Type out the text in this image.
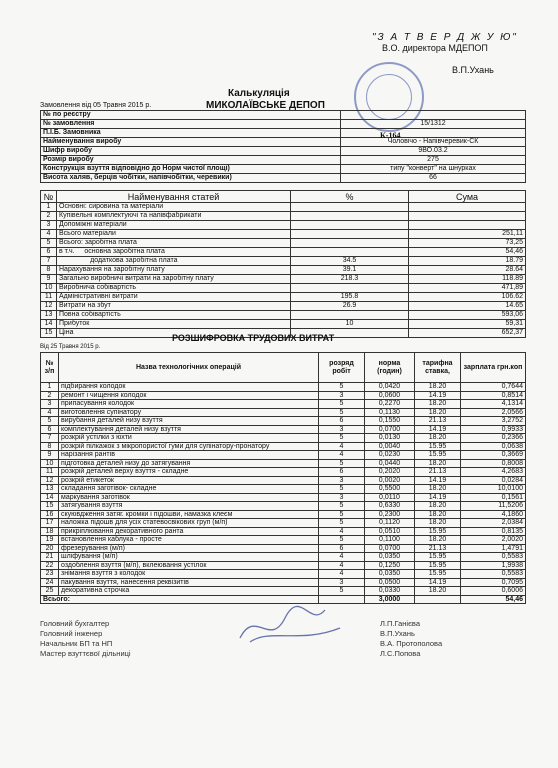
"З А Т В Е Р Д Ж У Ю"
В.О. директора МДЕПОП
В.П.Ухань
Калькуляція
МИКОЛАЇВСЬКЕ ДЕПОП
Замовлення від 05 Травня 2015 р.
№ по реєстру	
№ замовлення	15/1312
П.І.Б. Замовника	
Найменування виробу	Чоловічо - Напівчеревик-СК
Шифр виробу	9ВО.03.2
Розмір виробу	275
Конструкція взуття відповідно до Норм чистої площі)	типу "конверт" на шнурках
Висота халяв, берців чобітки, напівчобітки, черевики)	66
К-164
№	Найменування статей	%	Сума
1	Основні: сировина та матеріали		
2	Купівельні комплектуючі та напівфабрикати		
3	Допоміжні матеріали		
4	Всього матеріали		251,11
5	Всього: заробітна плата		73,25
6	в т.ч.     основна заробітна плата		54,46
7	додаткова заробітна плата	34.5	18.79
8	Нарахування на заробітну плату	39.1	28.64
9	Загально виробничі витрати на заробітну плату	218.3	118.89
10	Виробнича собівартість		471,89
11	Адміністративні витрати	195.8	106.62
12	Витрати на збут	26.9	14.65
13	Повна собівартість		593,06
14	Прибуток	10	59,31
15	Ціна		652,37
РОЗШИФРОВКА ТРУДОВИХ ВИТРАТ
Від 25 Травня 2015 р.
№ з/п	Назва технологічних операцій	розряд робіт	норма (годин)	тарифна ставка,	зарплата грн.коп
1	підбирання колодок	5	0,0420	18.20	0,7644
2	ремонт і чищення колодок	3	0,0600	14.19	0,8514
3	припасування колодок	5	0,2270	18.20	4,1314
4	виготовлення супінатору	5	0,1130	18.20	2,0566
5	вирубання деталей низу взуття	6	0,1550	21.13	3,2752
6	комплектування деталей низу взуття	3	0,0700	14.19	0,9933
7	розкрій устілки з юхти	5	0,0130	18.20	0,2366
8	розкрій пілкажок з мікропористої гуми для супінатору-пронатору	4	0,0040	15.95	0,0638
9	нарізання рантів	4	0,0230	15.95	0,3669
10	підготовка деталей низу до затягування	5	0,0440	18.20	0,8008
11	розкрій деталей верху взуття - складне	6	0,2020	21.13	4,2683
12	розкрій етикеток	3	0,0020	14.19	0,0284
13	складання заготівок- складне	5	0,5500	18.20	10,0100
14	маркування заготівок	3	0,0110	14.19	0,1561
15	затягування взуття	5	0,6330	18.20	11,5206
16	скуювдження затяг. кромки і підошви, намазка клеєм	5	0,2300	18.20	4,1860
17	наложка підошв для усіх статевосвікових груп (м/п)	5	0,1120	18.20	2,0384
18	прикріплювання декоративного ранта	4	0,0510	15.95	0,8135
19	встановлення каблука - просте	5	0,1100	18.20	2,0020
20	фрезерування (м/п)	6	0,0700	21.13	1,4791
21	шліфування (м/п)	4	0,0350	15.95	0,5583
22	оздоблення взуття (м/п), вклеювання устілок	4	0,1250	15.95	1,9938
23	знімання взуття з колодок	4	0,0350	15.95	0,5583
24	пакування взуття, нанесення реквізитів	3	0,0500	14.19	0,7095
25	декоративна строчка	5	0,0330	18.20	0,6006
Всього:			3,0000		54,46
Головний бухгалтер	Л.П.Ганієва
Головний інженер	В.П.Ухань
Начальник БП та НП	В.А. Протополова
Мастер взуттєвої дільниці	Л.С.Попова
